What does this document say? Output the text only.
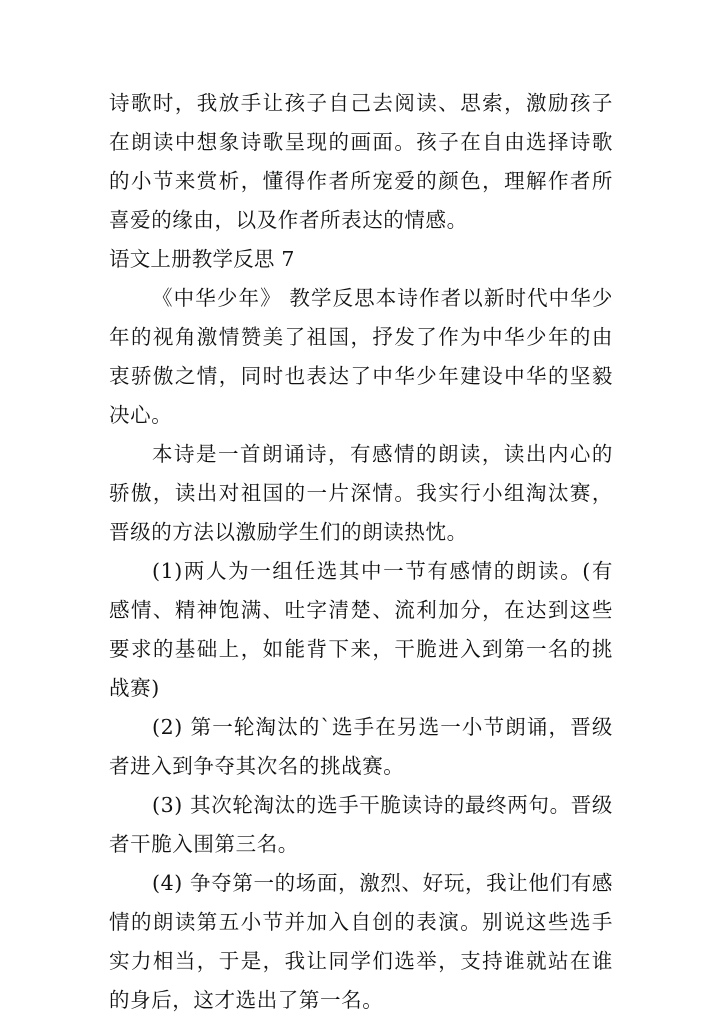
诗歌时，我放手让孩子自己去阅读、思索，激励孩子在朗读中想象诗歌呈现的画面。孩子在自由选择诗歌的小节来赏析，懂得作者所宠爱的颜色，理解作者所喜爱的缘由，以及作者所表达的情感。

语文上册教学反思 7

《中华少年》 教学反思本诗作者以新时代中华少年的视角激情赞美了祖国，抒发了作为中华少年的由衷骄傲之情，同时也表达了中华少年建设中华的坚毅决心。

本诗是一首朗诵诗，有感情的朗读，读出内心的骄傲，读出对祖国的一片深情。我实行小组淘汰赛，晋级的方法以激励学生们的朗读热忱。

(1)两人为一组任选其中一节有感情的朗读。(有感情、精神饱满、吐字清楚、流利加分，在达到这些要求的基础上，如能背下来，干脆进入到第一名的挑战赛)

(2) 第一轮淘汰的`选手在另选一小节朗诵，晋级者进入到争夺其次名的挑战赛。

(3) 其次轮淘汰的选手干脆读诗的最终两句。晋级者干脆入围第三名。

(4) 争夺第一的场面，激烈、好玩，我让他们有感情的朗读第五小节并加入自创的表演。别说这些选手实力相当，于是，我让同学们选举，支持谁就站在谁的身后，这才选出了第一名。
